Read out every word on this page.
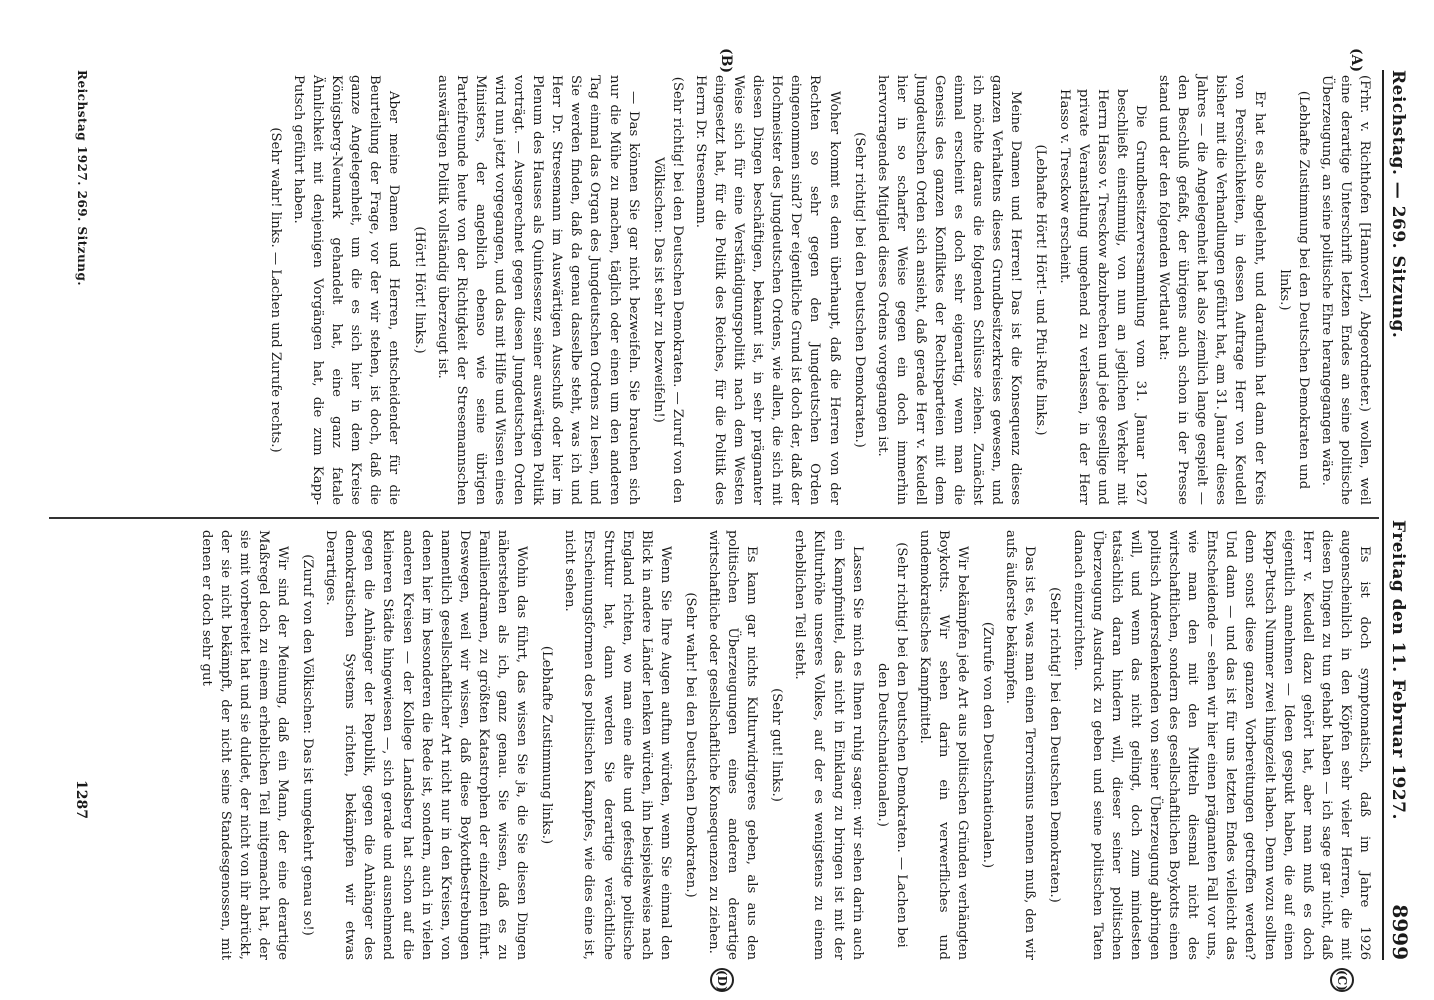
Reichstag. — 269. Sitzung.
Freitag den 11. Februar 1927.
8999
(A)
(B)
(C)
(D)

(Frhr. v. Richthofen [Hannover], Abgeordneter.) wollen, weil eine derartige Unterschrift letzten Endes an seine politische Überzeugung, an seine politische Ehre herangegangen wäre.

(Lebhafte Zustimmung bei den Deutschen Demokraten und links.)

Er hat es also abgelehnt, und daraufhin hat dann der Kreis von Persönlichkeiten, in dessen Auftrage Herr von Keudell bisher mit die Verhandlungen geführt hat, am 31. Januar dieses Jahres — die Angelegenheit hat also ziemlich lange gespielt — den Beschluß gefaßt, der übrigens auch schon in der Presse stand und der den folgenden Wortlaut hat:

Die Grundbesitzerversammlung vom 31. Januar 1927 beschließt einstimmig, von nun an jeglichen Verkehr mit Herrn Hasso v. Tresckow abzubrechen und jede gesellige und private Veranstaltung umgehend zu verlassen, in der Herr Hasso v. Tresckow erscheint.

(Lebhafte Hört! Hört!- und Pfui-Rufe links.)

Meine Damen und Herren! Das ist die Konsequenz dieses ganzen Verhaltens dieses Grundbesitzerkreises gewesen, und ich möchte daraus die folgenden Schlüsse ziehen. Zunächst einmal erscheint es doch sehr eigenartig, wenn man die Genesis des ganzen Konfliktes der Rechtsparteien mit dem Jungdeutschen Orden sich ansieht, daß gerade Herr v. Keudell hier in so scharfer Weise gegen ein doch immerhin hervorragendes Mitglied dieses Ordens vorgegangen ist.

(Sehr richtig! bei den Deutschen Demokraten.)

Woher kommt es denn überhaupt, daß die Herren von der Rechten so sehr gegen den Jungdeutschen Orden eingenommen sind? Der eigentliche Grund ist doch der, daß der Hochmeister des Jungdeutschen Ordens, wie allen, die sich mit diesen Dingen beschäftigen, bekannt ist, in sehr prägnanter Weise sich für eine Verständigungspolitik nach dem Westen eingesetzt hat, für die Politik des Reiches, für die Politik des Herrn Dr. Stresemann.

(Sehr richtig! bei den Deutschen Demokraten. — Zuruf von den Völkischen: Das ist sehr zu bezweifeln!)

— Das können Sie gar nicht bezweifeln. Sie brauchen sich nur die Mühe zu machen, täglich oder einen um den anderen Tag einmal das Organ des Jungdeutschen Ordens zu lesen, und Sie werden finden, daß da genau dasselbe steht, was ich und Herr Dr. Stresemann im Auswärtigen Ausschuß oder hier im Plenum des Hauses als Quintessenz seiner auswärtigen Politik vorträgt. — Ausgerechnet gegen diesen Jungdeutschen Orden wird nun jetzt vorgegangen, und das mit Hilfe und Wissen eines Ministers, der angeblich ebenso wie seine übrigen Parteifreunde heute von der Richtigkeit der Stresemannschen auswärtigen Politik vollständig überzeugt ist.

(Hört! Hört! links.)

Aber meine Damen und Herren, entscheidender für die Beurteilung der Frage, vor der wir stehen, ist doch, daß die ganze Angelegenheit, um die es sich hier in dem Kreise Königsberg-Neumark gehandelt hat, eine ganz fatale Ähnlichkeit mit denjenigen Vorgängen hat, die zum Kapp-Putsch geführt haben.

(Sehr wahr! links. — Lachen und Zurufe rechts.)

Es ist doch symptomatisch, daß im Jahre 1926 augenscheinlich in den Köpfen sehr vieler Herren, die mit diesen Dingen zu tun gehabt haben — ich sage gar nicht, daß Herr v. Keudell dazu gehört hat, aber man muß es doch eigentlich annehmen — Ideen gespukt haben, die auf einen Kapp-Putsch Nummer zwei hingezielt haben. Denn wozu sollten denn sonst diese ganzen Vorbereitungen getroffen werden? Und dann — und das ist für uns letzten Endes vielleicht das Entscheidende — sehen wir hier einen prägnanten Fall vor uns, wie man den mit den Mitteln diesmal nicht des wirtschaftlichen, sondern des gesellschaftlichen Boykotts einen politisch Andersdenkenden von seiner Überzeugung abbringen will, und wenn das nicht gelingt, doch zum mindesten tatsächlich daran hindern will, dieser seiner politischen Überzeugung Ausdruck zu geben und seine politischen Taten danach einzurichten.

(Sehr richtig! bei den Deutschen Demokraten.)

Das ist es, was man einen Terrorismus nennen muß, den wir aufs äußerste bekämpfen.

(Zurufe von den Deutschnationalen.)

Wir bekämpfen jede Art aus politischen Gründen verhängten Boykotts. Wir sehen darin ein verwerfliches und undemokratisches Kampfmittel.

(Sehr richtig! bei den Deutschen Demokraten. — Lachen bei den Deutschnationalen.)

Lassen Sie mich es Ihnen ruhig sagen: wir sehen darin auch ein Kampfmittel, das nicht in Einklang zu bringen ist mit der Kulturhöhe unseres Volkes, auf der es wenigstens zu einem erheblichen Teil steht.

(Sehr gut! links.)

Es kann gar nichts Kulturwidrigeres geben, als aus den politischen Überzeugungen eines anderen derartige wirtschaftliche oder gesellschaftliche Konsequenzen zu ziehen.

(Sehr wahr! bei den Deutschen Demokraten.)

Wenn Sie Ihre Augen auftun würden, wenn Sie einmal den Blick in andere Länder lenken würden, ihn beispielsweise nach England richten, wo man eine alte und gefestigte politische Struktur hat, dann werden Sie derartige verächtliche Erscheinungsformen des politischen Kampfes, wie dies eine ist, nicht sehen.

(Lebhafte Zustimmung links.)

Wohin das führt, das wissen Sie ja, die Sie diesen Dingen näherstehen als ich, ganz genau. Sie wissen, daß es zu Familiendramen, zu größten Katastrophen der einzelnen führt. Deswegen, weil wir wissen, daß diese Boykottbestrebungen namentlich gesellschaftlicher Art nicht nur in den Kreisen, von denen hier im besonderen die Rede ist, sondern, auch in vielen anderen Kreisen — der Kollege Landsberg hat schon auf die kleineren Städte hingewiesen —, sich gerade und ausnehmend gegen die Anhänger der Republik, gegen die Anhänger des demokratischen Systems richten, bekämpfen wir etwas Derartiges.

(Zuruf von den Völkischen: Das ist umgekehrt genau so!)

Wir sind der Meinung, daß ein Mann, der eine derartige Maßregel doch zu einem erheblichen Teil mitgemacht hat, der sie mit vorbereitet hat und sie duldet, der nicht von ihr abrückt, der sie nicht bekämpft, der nicht seine Standesgenossen, mit denen er doch sehr gut

Reichstag 1927. 269. Sitzung.
1287
